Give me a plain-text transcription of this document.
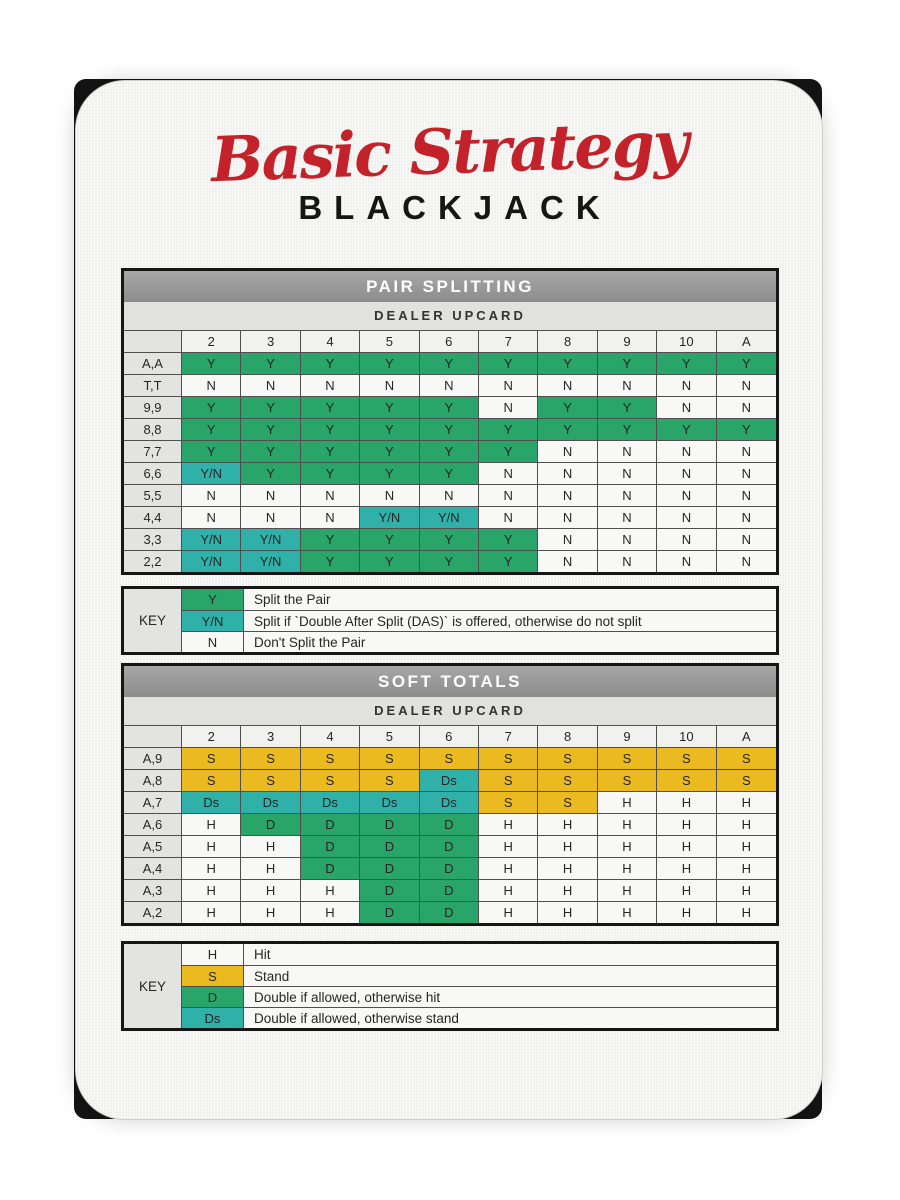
Basic Strategy
BLACKJACK
PAIR SPLITTING
DEALER UPCARD
2	3	4	5	6	7	8	9	10	A
A,A	Y	Y	Y	Y	Y	Y	Y	Y	Y	Y
T,T	N	N	N	N	N	N	N	N	N	N
9,9	Y	Y	Y	Y	Y	N	Y	Y	N	N
8,8	Y	Y	Y	Y	Y	Y	Y	Y	Y	Y
7,7	Y	Y	Y	Y	Y	Y	N	N	N	N
6,6	Y/N	Y	Y	Y	Y	N	N	N	N	N
5,5	N	N	N	N	N	N	N	N	N	N
4,4	N	N	N	Y/N	Y/N	N	N	N	N	N
3,3	Y/N	Y/N	Y	Y	Y	Y	N	N	N	N
2,2	Y/N	Y/N	Y	Y	Y	Y	N	N	N	N
KEY
Y	Split the Pair
Y/N	Split if `Double After Split (DAS)` is offered, otherwise do not split
N	Don't Split the Pair
SOFT TOTALS
DEALER UPCARD
2	3	4	5	6	7	8	9	10	A
A,9	S	S	S	S	S	S	S	S	S	S
A,8	S	S	S	S	Ds	S	S	S	S	S
A,7	Ds	Ds	Ds	Ds	Ds	S	S	H	H	H
A,6	H	D	D	D	D	H	H	H	H	H
A,5	H	H	D	D	D	H	H	H	H	H
A,4	H	H	D	D	D	H	H	H	H	H
A,3	H	H	H	D	D	H	H	H	H	H
A,2	H	H	H	D	D	H	H	H	H	H
KEY
H	Hit
S	Stand
D	Double if allowed, otherwise hit
Ds	Double if allowed, otherwise stand
